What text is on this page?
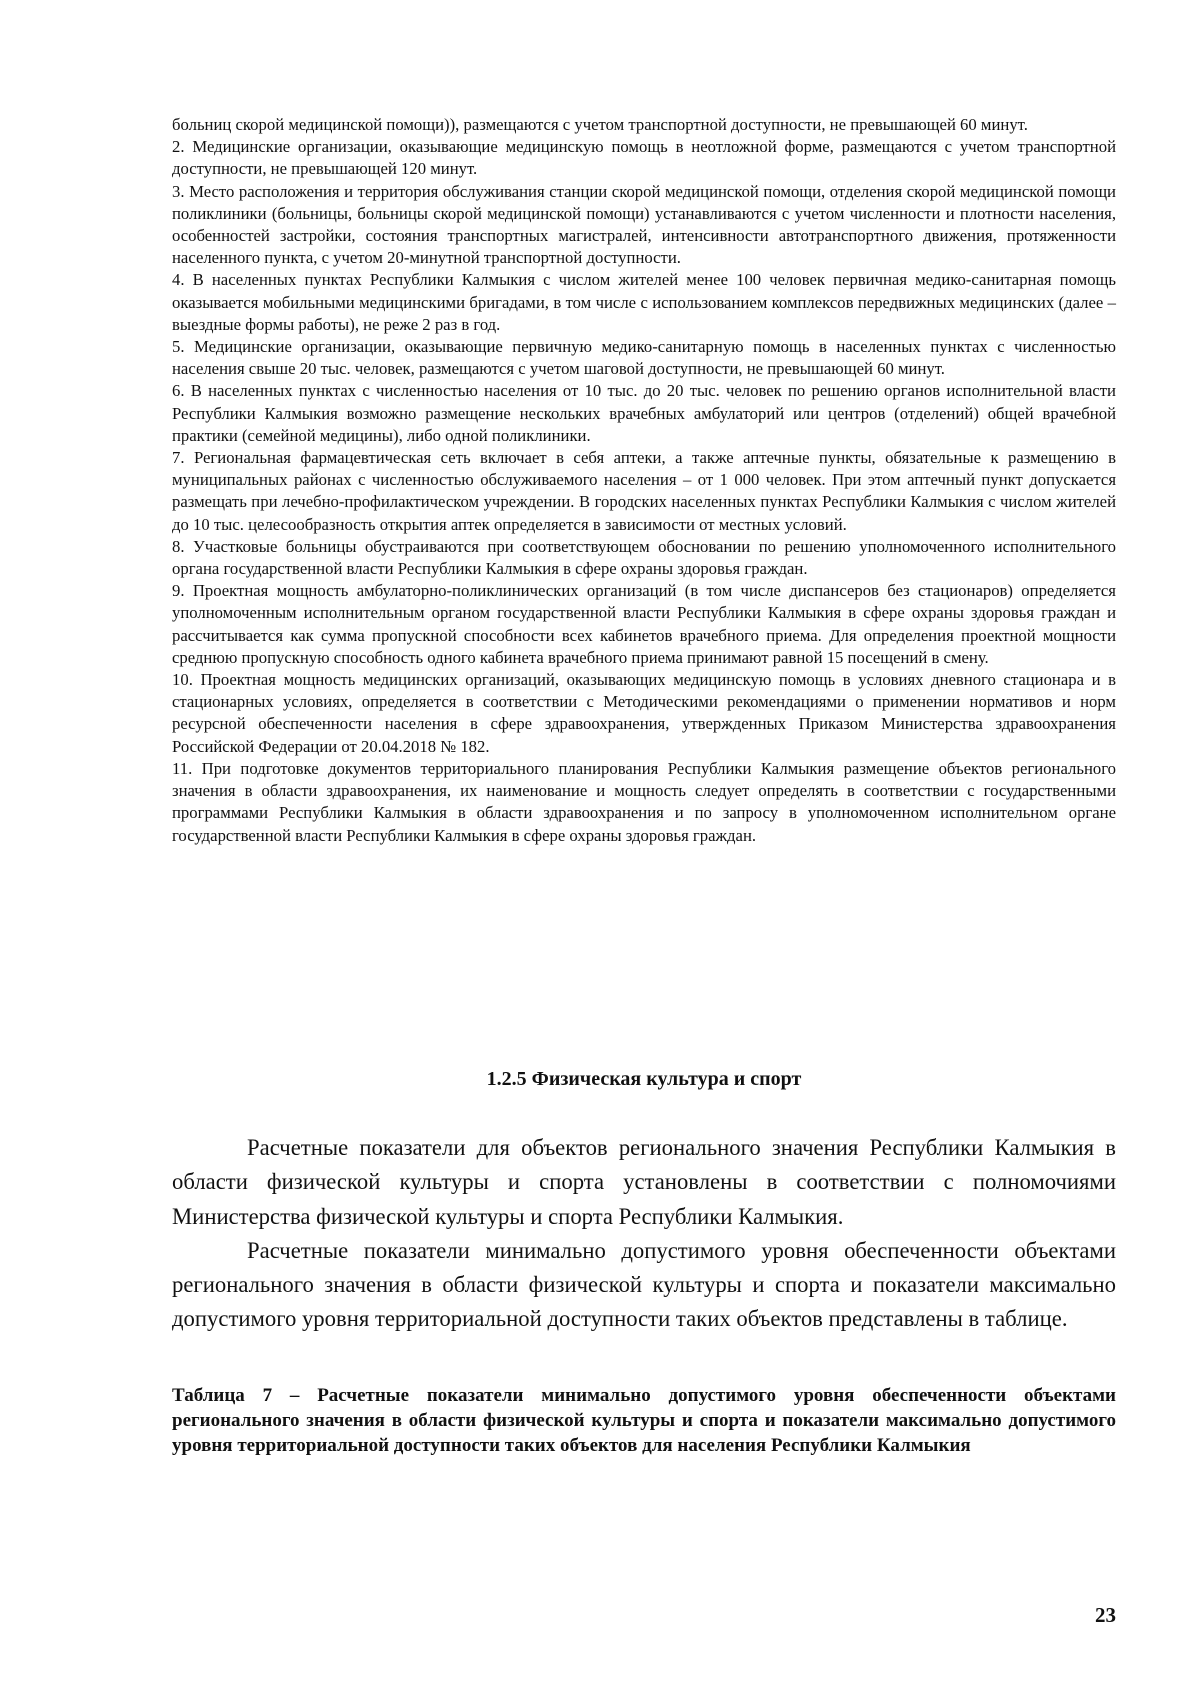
больниц скорой медицинской помощи)), размещаются с учетом транспортной доступности, не превышающей 60 минут.

2. Медицинские организации, оказывающие медицинскую помощь в неотложной форме, размещаются с учетом транспортной доступности, не превышающей 120 минут.

3. Место расположения и территория обслуживания станции скорой медицинской помощи, отделения скорой медицинской помощи поликлиники (больницы, больницы скорой медицинской помощи) устанавливаются с учетом численности и плотности населения, особенностей застройки, состояния транспортных магистралей, интенсивности автотранспортного движения, протяженности населенного пункта, с учетом 20-минутной транспортной доступности.

4. В населенных пунктах Республики Калмыкия с числом жителей менее 100 человек первичная медико-санитарная помощь оказывается мобильными медицинскими бригадами, в том числе с использованием комплексов передвижных медицинских (далее – выездные формы работы), не реже 2 раз в год.

5. Медицинские организации, оказывающие первичную медико-санитарную помощь в населенных пунктах с численностью населения свыше 20 тыс. человек, размещаются с учетом шаговой доступности, не превышающей 60 минут.

6. В населенных пунктах с численностью населения от 10 тыс. до 20 тыс. человек по решению органов исполнительной власти Республики Калмыкия возможно размещение нескольких врачебных амбулаторий или центров (отделений) общей врачебной практики (семейной медицины), либо одной поликлиники.

7. Региональная фармацевтическая сеть включает в себя аптеки, а также аптечные пункты, обязательные к размещению в муниципальных районах с численностью обслуживаемого населения – от 1 000 человек. При этом аптечный пункт допускается размещать при лечебно-профилактическом учреждении. В городских населенных пунктах Республики Калмыкия с числом жителей до 10 тыс. целесообразность открытия аптек определяется в зависимости от местных условий.

8. Участковые больницы обустраиваются при соответствующем обосновании по решению уполномоченного исполнительного органа государственной власти Республики Калмыкия в сфере охраны здоровья граждан.

9. Проектная мощность амбулаторно-поликлинических организаций (в том числе диспансеров без стационаров) определяется уполномоченным исполнительным органом государственной власти Республики Калмыкия в сфере охраны здоровья граждан и рассчитывается как сумма пропускной способности всех кабинетов врачебного приема. Для определения проектной мощности среднюю пропускную способность одного кабинета врачебного приема принимают равной 15 посещений в смену.

10. Проектная мощность медицинских организаций, оказывающих медицинскую помощь в условиях дневного стационара и в стационарных условиях, определяется в соответствии с Методическими рекомендациями о применении нормативов и норм ресурсной обеспеченности населения в сфере здравоохранения, утвержденных Приказом Министерства здравоохранения Российской Федерации от 20.04.2018 № 182.

11. При подготовке документов территориального планирования Республики Калмыкия размещение объектов регионального значения в области здравоохранения, их наименование и мощность следует определять в соответствии с государственными программами Республики Калмыкия в области здравоохранения и по запросу в уполномоченном исполнительном органе государственной власти Республики Калмыкия в сфере охраны здоровья граждан.

1.2.5 Физическая культура и спорт

Расчетные показатели для объектов регионального значения Республики Калмыкия в области физической культуры и спорта установлены в соответствии с полномочиями Министерства физической культуры и спорта Республики Калмыкия.

Расчетные показатели минимально допустимого уровня обеспеченности объектами регионального значения в области физической культуры и спорта и показатели максимально допустимого уровня территориальной доступности таких объектов представлены в таблице.

Таблица 7 – Расчетные показатели минимально допустимого уровня обеспеченности объектами регионального значения в области физической культуры и спорта и показатели максимально допустимого уровня территориальной доступности таких объектов для населения Республики Калмыкия

23
